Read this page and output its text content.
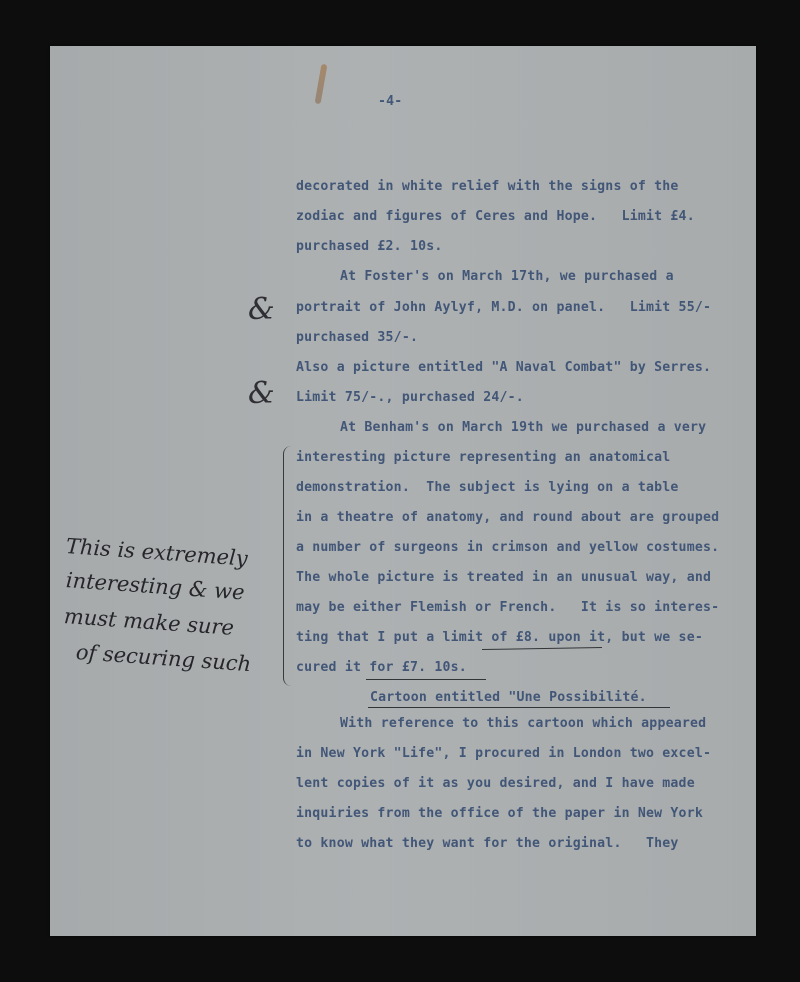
-4-
decorated in white relief with the signs of the
zodiac and figures of Ceres and Hope.   Limit £4.
purchased £2. 10s.
At Foster's on March 17th, we purchased a
portrait of John Aylyf, M.D. on panel.   Limit 55/-
purchased 35/-.
Also a picture entitled "A Naval Combat" by Serres.
Limit 75/-., purchased 24/-.
At Benham's on March 19th we purchased a very
interesting picture representing an anatomical
demonstration.  The subject is lying on a table
in a theatre of anatomy, and round about are grouped
a number of surgeons in crimson and yellow costumes.
The whole picture is treated in an unusual way, and
may be either Flemish or French.   It is so interes-
ting that I put a limit of £8. upon it, but we se-
cured it for £7. 10s.
Cartoon entitled "Une Possibilité.
With reference to this cartoon which appeared
in New York "Life", I procured in London two excel-
lent copies of it as you desired, and I have made
inquiries from the office of the paper in New York
to know what they want for the original.   They
&
&
This is extremely
interesting & we
must make sure
of securing such
